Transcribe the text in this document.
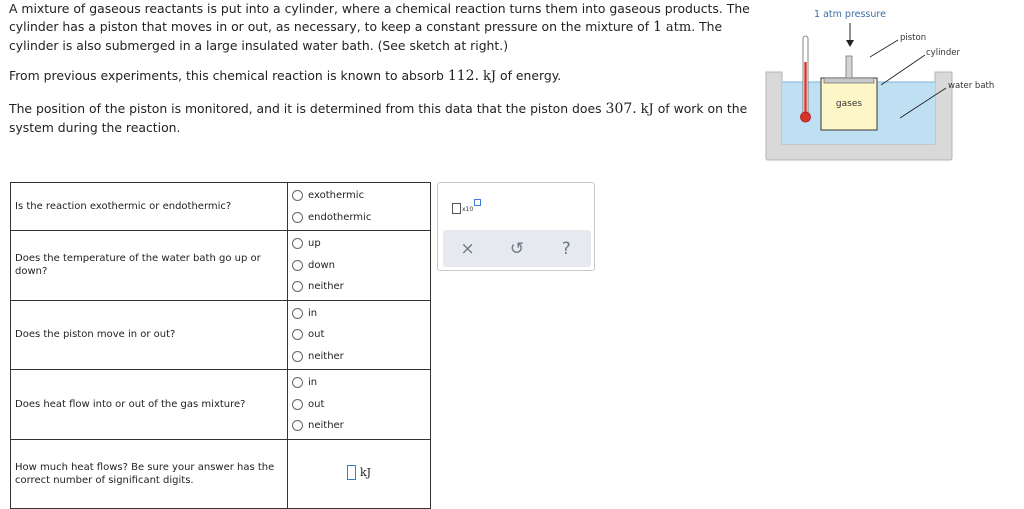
A mixture of gaseous reactants is put into a cylinder, where a chemical reaction turns them into gaseous products. The cylinder has a piston that moves in or out, as necessary, to keep a constant pressure on the mixture of 1 atm. The cylinder is also submerged in a large insulated water bath. (See sketch at right.)

From previous experiments, this chemical reaction is known to absorb 112. kJ of energy.

The position of the piston is monitored, and it is determined from this data that the piston does 307. kJ of work on the system during the reaction.

Is the reaction exothermic or endothermic?	exothermic
endothermic

Does the temperature of the water bath go up or down?	up
down
neither

Does the piston move in or out?	in
out
neither

Does heat flow into or out of the gas mixture?	in
out
neither

How much heat flows? Be sure your answer has the correct number of significant digits.	kJ
x10
×	↺	?
1 atm pressure
gases
piston
cylinder
water bath
